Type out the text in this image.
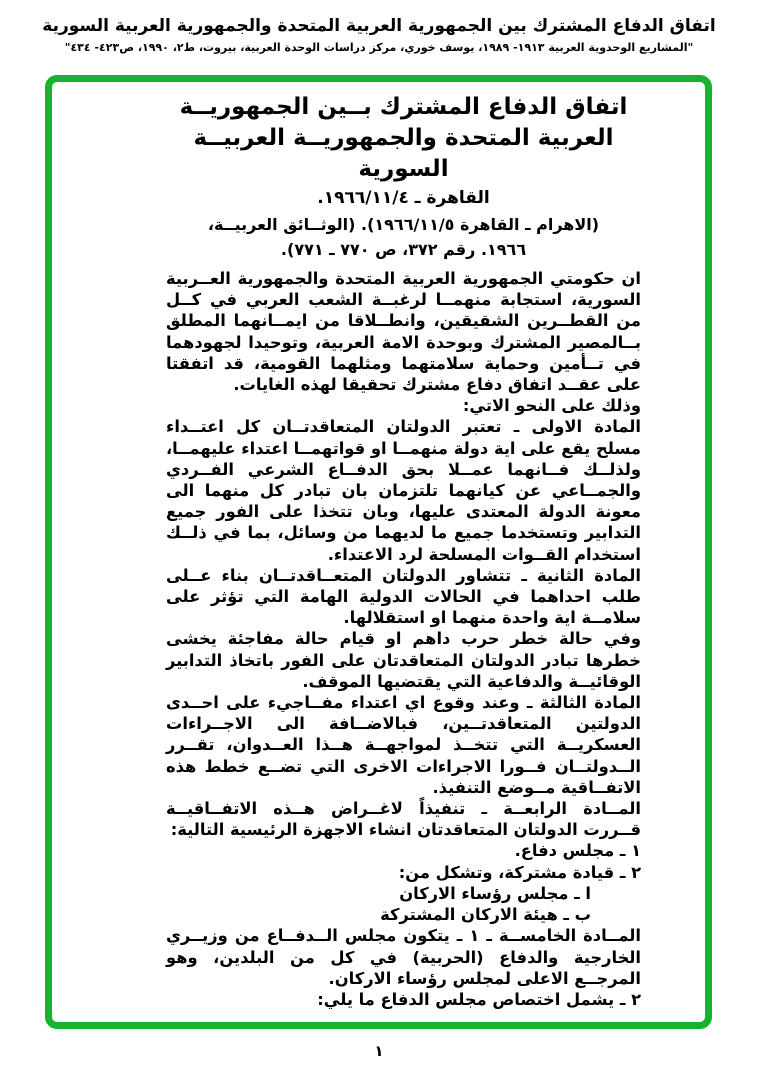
اتفاق الدفاع المشترك بين الجمهورية العربية المتحدة والجمهورية العربية السورية
"المشاريع الوحدوية العربية ١٩١٣- ١٩٨٩، يوسف خوري، مركز دراسات الوحدة العربية، بيروت، ط٢، ١٩٩٠، ص٤٢٣- ٤٣٤"
اتفاق الدفاع المشترك بــين الجمهوريــة
العربية المتحدة والجمهوريــة العربيــة
السورية
القاهرة ـ ١٩٦٦/١١/٤.
(الاهرام ـ القاهرة ١٩٦٦/١١/٥). (الوثــائق العربيــة،
١٩٦٦. رقم ٣٧٢، ص ٧٧٠ ـ ٧٧١).
ان حكومتي الجمهورية العربية المتحدة والجمهورية العــربية السورية، استجابة منهمــا لرغبــة الشعب العربي في كــل من القطــرين الشقيقين، وانطــلاقا من ايمــانهما المطلق بــالمصير المشترك وبوحدة الامة العربية، وتوحيدا لجهودهما في تــأمين وحماية سلامتهما ومثلهما القومية، قد اتفقتا على عقــد اتفاق دفاع مشترك تحقيقا لهذه الغايات.
وذلك على النحو الاتي:
المادة الاولى ـ تعتبر الدولتان المتعاقدتــان كل اعتــداء مسلح يقع على اية دولة منهمــا او قواتهمــا اعتداء عليهمــا، ولذلــك فــانهما عمــلا بحق الدفــاع الشرعي الفــردي والجمــاعي عن كيانهما تلتزمان بان تبادر كل منهما الى معونة الدولة المعتدى عليها، وبان تتخذا على الفور جميع التدابير وتستخدما جميع ما لديهما من وسائل، بما في ذلــك استخدام القــوات المسلحة لرد الاعتداء.
المادة الثانية ـ تتشاور الدولتان المتعــاقدتــان بناء عــلى طلب احداهما في الحالات الدولية الهامة التي تؤثر على سلامــة اية واحدة منهما او استقلالها.
وفي حالة خطر حرب داهم او قيام حالة مفاجئة يخشى خطرها تبادر الدولتان المتعاقدتان على الفور باتخاذ التدابير الوقائيــة والدفاعية التي يقتضيها الموقف.
المادة الثالثة ـ وعند وقوع اي اعتداء مفــاجيء على احــدى الدولتين المتعاقدتــين، فبالاضــافة الى الاجــراءات العسكريــة التي تتخــذ لمواجهــة هــذا العــدوان، تقــرر الــدولتــان فــورا الاجراءات الاخرى التي تضــع خطط هذه الاتفــاقية مــوضع التنفيذ.
المــادة الرابعــة ـ تنفيذاً لاغــراض هــذه الاتفــاقيــة قــررت الدولتان المتعاقدتان انشاء الاجهزة الرئيسية التالية:
١ ـ مجلس دفاع.
٢ ـ قيادة مشتركة، وتشكل من:
ا ـ مجلس رؤساء الاركان
ب ـ هيئة الاركان المشتركة
المــادة الخامســة ـ ١ ـ يتكون مجلس الــدفــاع من وزيــري الخارجية والدفاع (الحربية) في كل من البلدين، وهو المرجــع الاعلى لمجلس رؤساء الاركان.
٢ ـ يشمل اختصاص مجلس الدفاع ما يلي:
١
